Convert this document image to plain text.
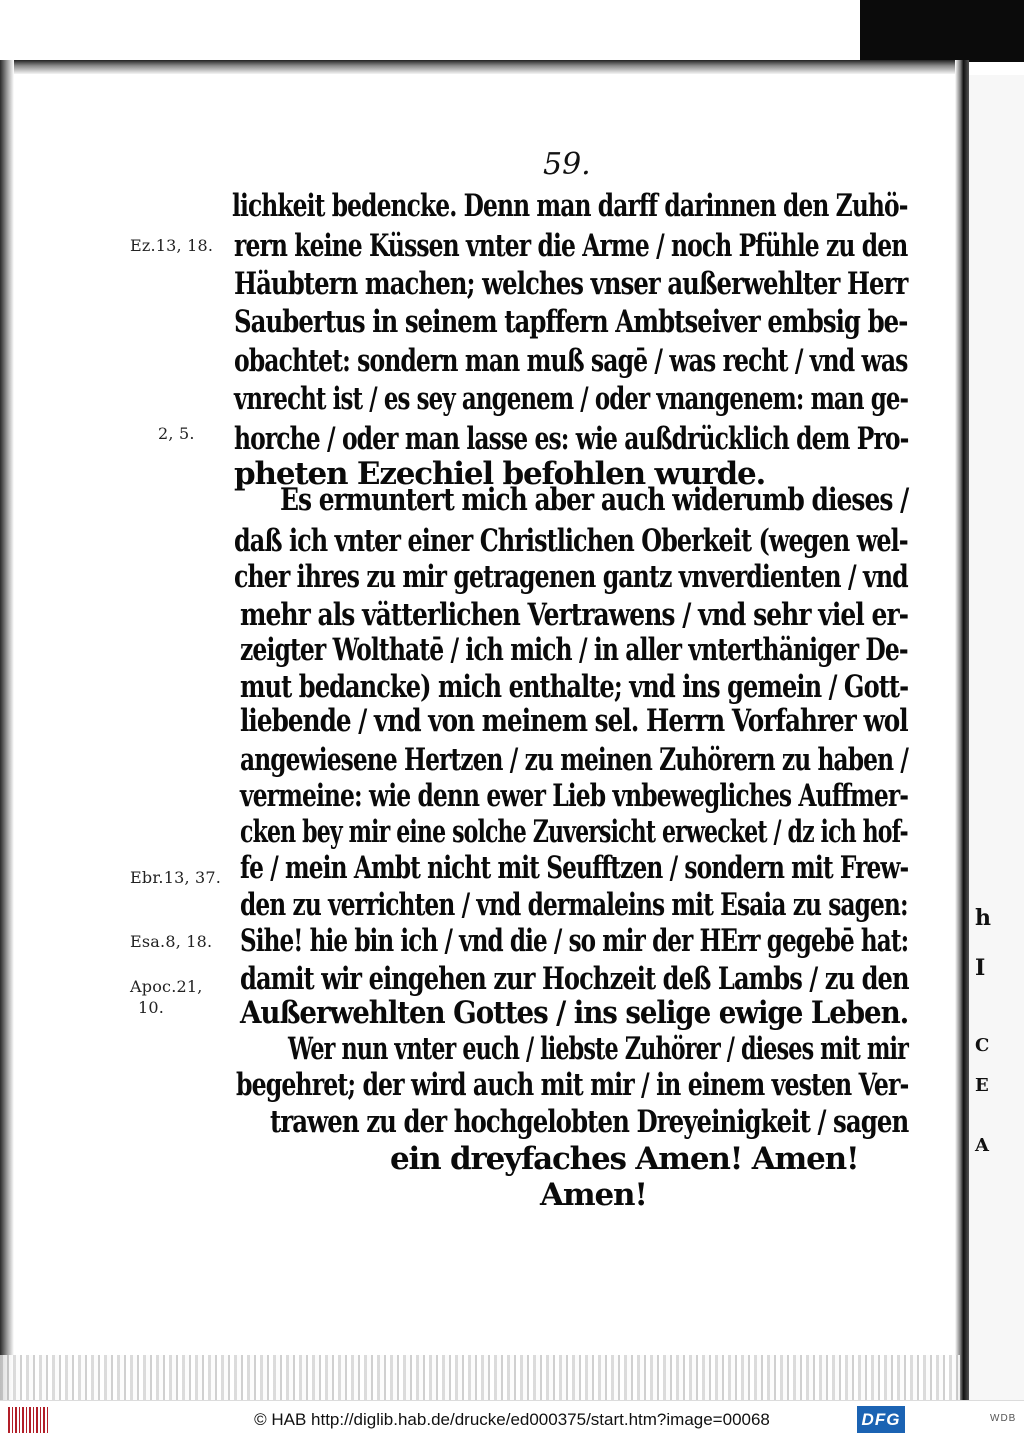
h
I
C
E
A
59.
lichkeit bedencke. Denn man darff darinnen den Zuhö-
rern keine Küssen vnter die Arme / noch Pfühle zu den
Häubtern machen; welches vnser außerwehlter Herr
Saubertus in seinem tapffern Ambtseiver embsig be-
obachtet: sondern man muß sagē / was recht / vnd was
vnrecht ist / es sey angenem / oder vnangenem: man ge-
horche / oder man lasse es: wie außdrücklich dem Pro-
pheten Ezechiel befohlen wurde.
Es ermuntert mich aber auch widerumb dieses /
daß ich vnter einer Christlichen Oberkeit (wegen wel-
cher ihres zu mir getragenen gantz vnverdienten / vnd
mehr als vätterlichen Vertrawens / vnd sehr viel er-
zeigter Wolthatē / ich mich / in aller vnterthäniger De-
mut bedancke) mich enthalte; vnd ins gemein / Gott-
liebende / vnd von meinem sel. Herrn Vorfahrer wol
angewiesene Hertzen / zu meinen Zuhörern zu haben /
vermeine: wie denn ewer Lieb vnbewegliches Auffmer-
cken bey mir eine solche Zuversicht erwecket / dz ich hof-
fe / mein Ambt nicht mit Seufftzen / sondern mit Frew-
den zu verrichten / vnd dermaleins mit Esaia zu sagen:
Sihe! hie bin ich / vnd die / so mir der HErr gegebē hat:
damit wir eingehen zur Hochzeit deß Lambs / zu den
Außerwehlten Gottes / ins selige ewige Leben.
Wer nun vnter euch / liebste Zuhörer / dieses mit mir
begehret; der wird auch mit mir / in einem vesten Ver-
trawen zu der hochgelobten Dreyeinigkeit / sagen
ein dreyfaches Amen! Amen!
Amen!
Ez.13, 18.
2, 5.
Ebr.13, 37.
Esa.8, 18.
Apoc.21,
10.
© HAB http://diglib.hab.de/drucke/ed000375/start.htm?image=00068	DFG	WDB
